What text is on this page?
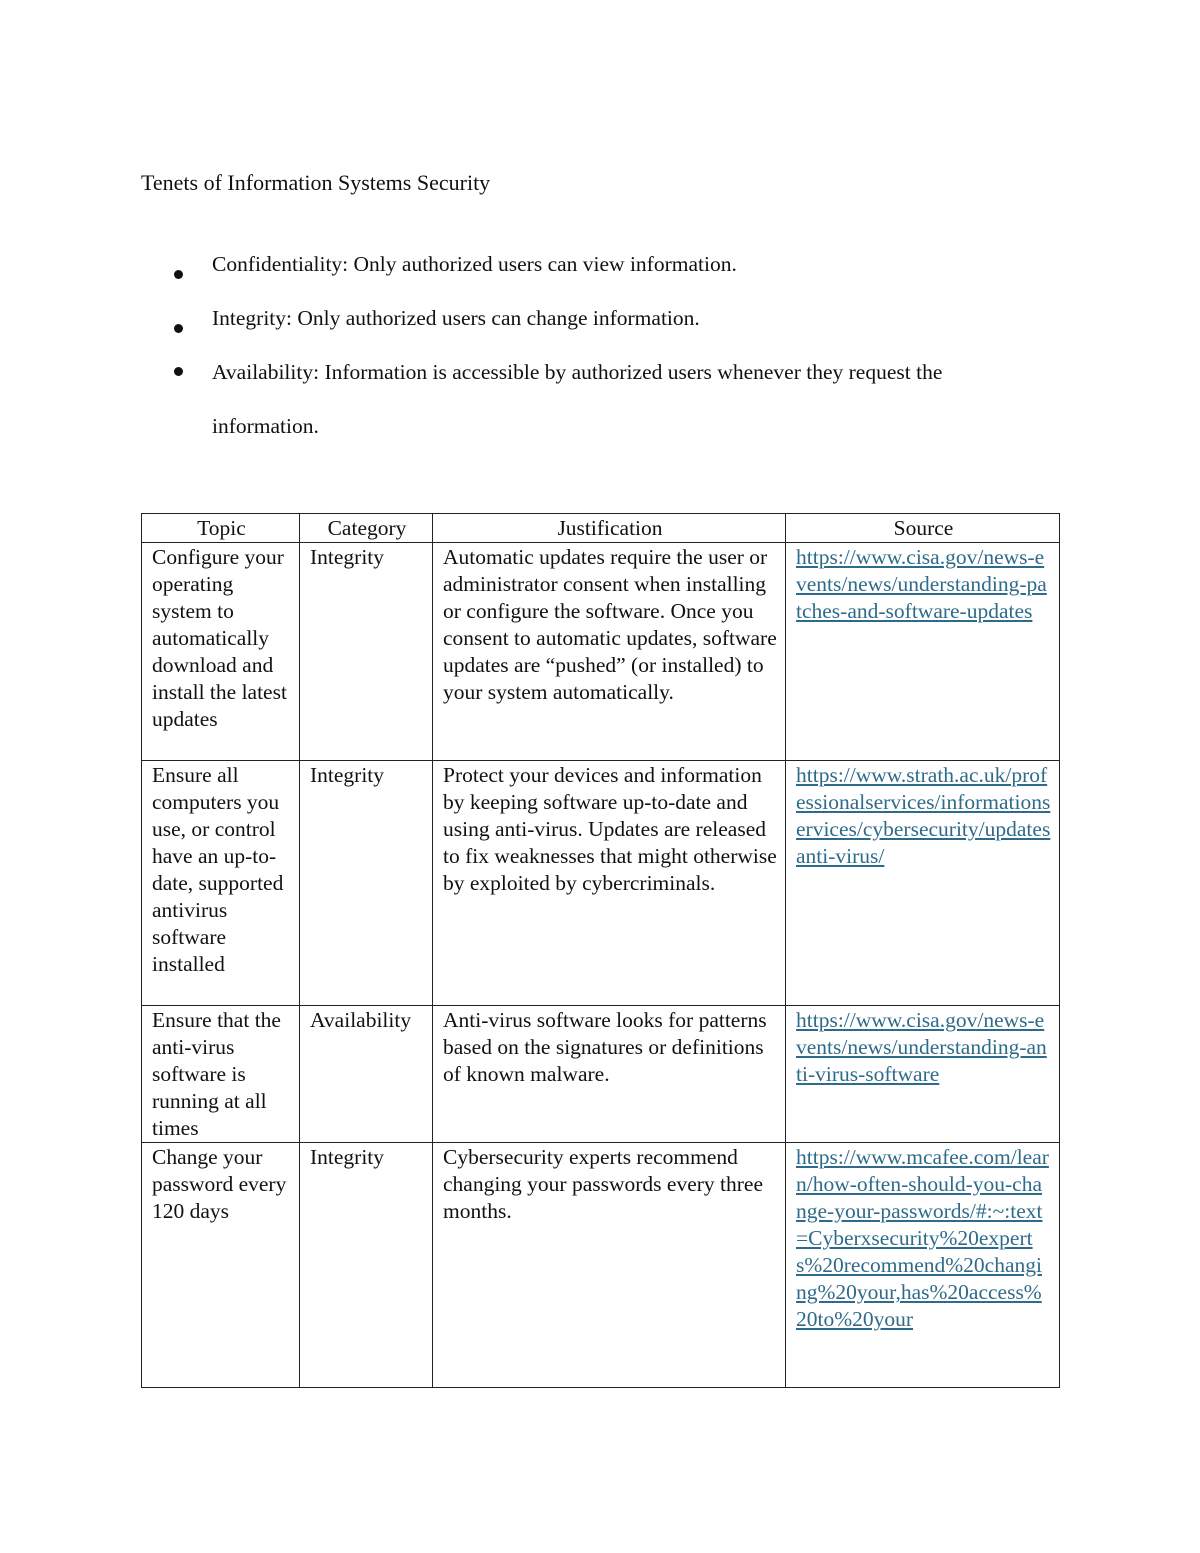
Tenets of Information Systems Security
Confidentiality: Only authorized users can view information.
Integrity: Only authorized users can change information.
Availability: Information is accessible by authorized users whenever they request the information.
Topic	Category	Justification	Source
Configure your operating system to automatically download and install the latest updates	Integrity	Automatic updates require the user or administrator consent when installing or configure the software. Once you consent to automatic updates, software updates are “pushed” (or installed) to your system automatically.	https://www.cisa.gov/news-events/news/understanding-patches-and-software-updates
Ensure all computers you use, or control have an up-to-date, supported antivirus software installed	Integrity	Protect your devices and information by keeping software up-to-date and using anti-virus. Updates are released to fix weaknesses that might otherwise by exploited by cybercriminals.	https://www.strath.ac.uk/professionalservices/informationservices/cybersecurity/updatesanti-virus/
Ensure that the anti-virus software is running at all times	Availability	Anti-virus software looks for patterns based on the signatures or definitions of known malware.	https://www.cisa.gov/news-events/news/understanding-anti-virus-software
Change your password every 120 days	Integrity	Cybersecurity experts recommend changing your passwords every three months.	https://www.mcafee.com/learn/how-often-should-you-change-your-passwords/#:~:text=Cyberxsecurity%20experts%20recommend%20changing%20your,has%20access%20to%20your
